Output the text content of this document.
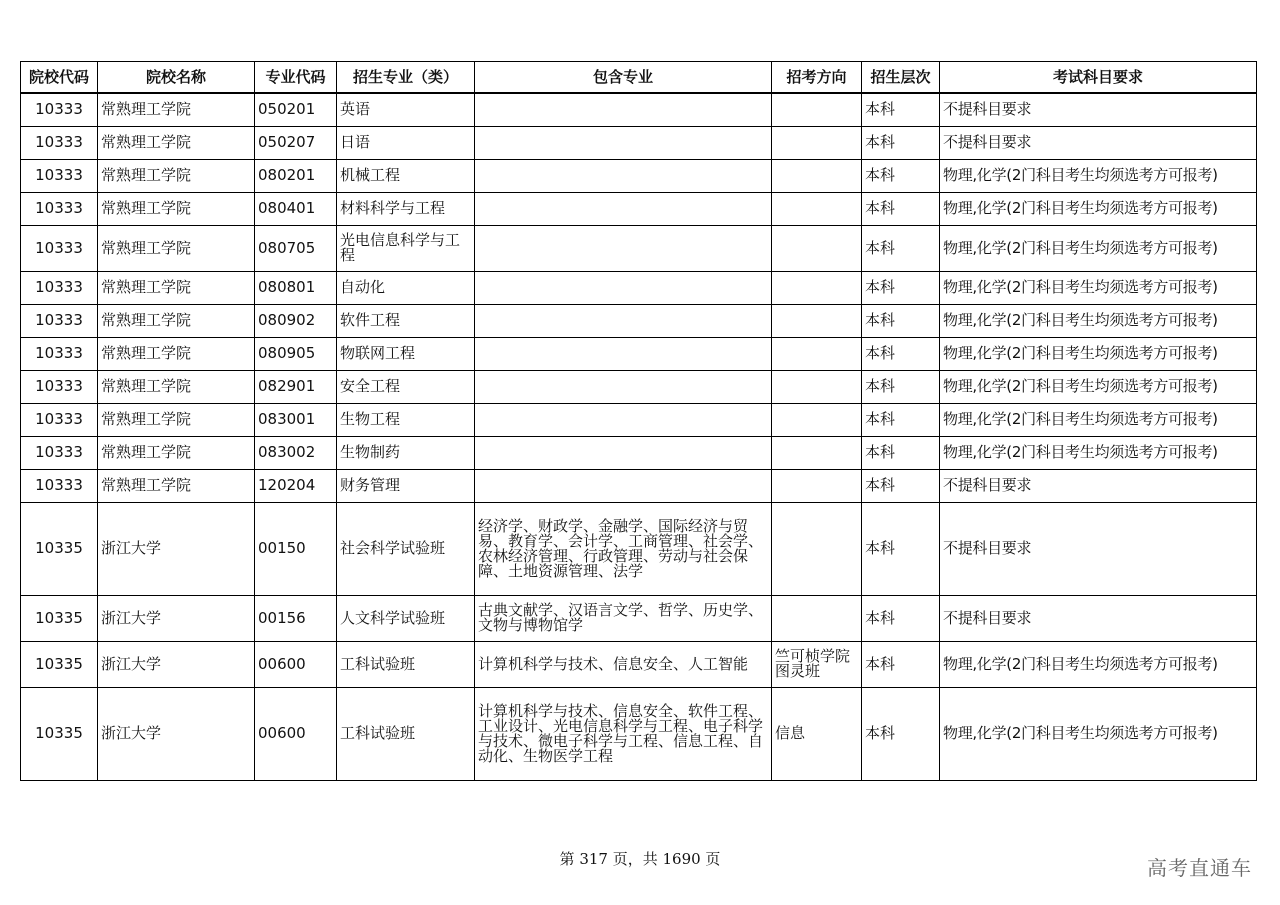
院校代码	院校名称	专业代码	招生专业（类）	包含专业	招考方向	招生层次	考试科目要求
10333	常熟理工学院	050201	英语			本科	不提科目要求
10333	常熟理工学院	050207	日语			本科	不提科目要求
10333	常熟理工学院	080201	机械工程			本科	物理,化学(2门科目考生均须选考方可报考)
10333	常熟理工学院	080401	材料科学与工程			本科	物理,化学(2门科目考生均须选考方可报考)
10333	常熟理工学院	080705	光电信息科学与工程			本科	物理,化学(2门科目考生均须选考方可报考)
10333	常熟理工学院	080801	自动化			本科	物理,化学(2门科目考生均须选考方可报考)
10333	常熟理工学院	080902	软件工程			本科	物理,化学(2门科目考生均须选考方可报考)
10333	常熟理工学院	080905	物联网工程			本科	物理,化学(2门科目考生均须选考方可报考)
10333	常熟理工学院	082901	安全工程			本科	物理,化学(2门科目考生均须选考方可报考)
10333	常熟理工学院	083001	生物工程			本科	物理,化学(2门科目考生均须选考方可报考)
10333	常熟理工学院	083002	生物制药			本科	物理,化学(2门科目考生均须选考方可报考)
10333	常熟理工学院	120204	财务管理			本科	不提科目要求
10335	浙江大学	00150	社会科学试验班	经济学、财政学、金融学、国际经济与贸易、教育学、会计学、工商管理、社会学、农林经济管理、行政管理、劳动与社会保障、土地资源管理、法学		本科	不提科目要求
10335	浙江大学	00156	人文科学试验班	古典文献学、汉语言文学、哲学、历史学、文物与博物馆学		本科	不提科目要求
10335	浙江大学	00600	工科试验班	计算机科学与技术、信息安全、人工智能	竺可桢学院图灵班	本科	物理,化学(2门科目考生均须选考方可报考)
10335	浙江大学	00600	工科试验班	计算机科学与技术、信息安全、软件工程、工业设计、光电信息科学与工程、电子科学与技术、微电子科学与工程、信息工程、自动化、生物医学工程	信息	本科	物理,化学(2门科目考生均须选考方可报考)
第 317 页，共 1690 页	高考直通车
